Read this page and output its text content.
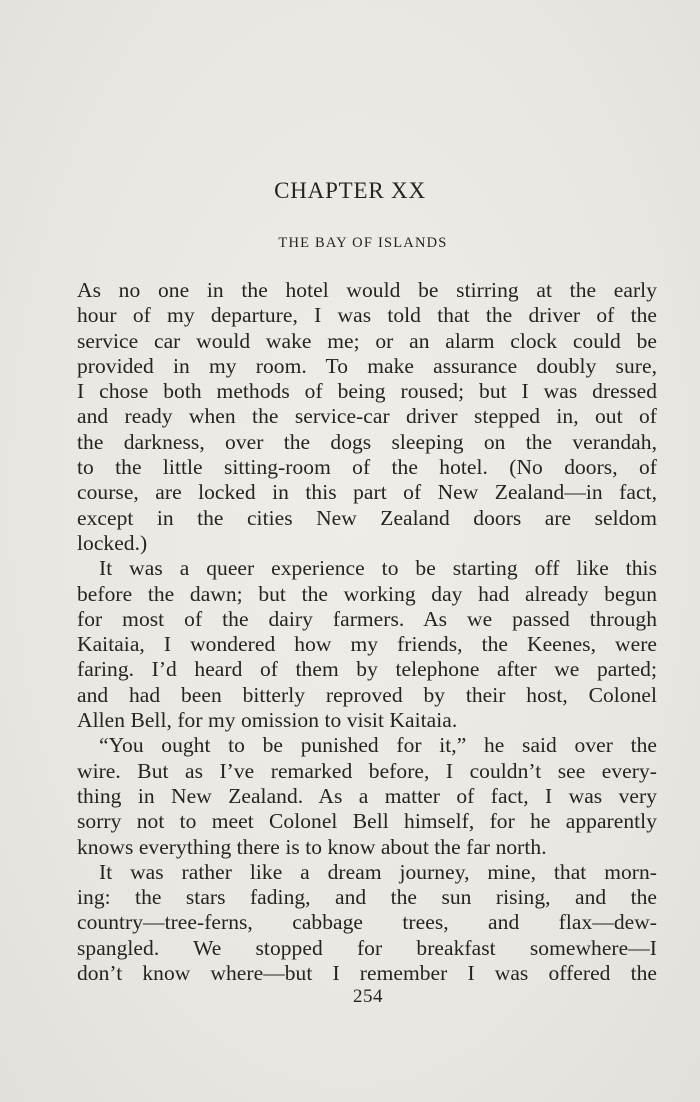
CHAPTER XX
THE BAY OF ISLANDS
As no one in the hotel would be stirring at the early
hour of my departure, I was told that the driver of the
service car would wake me; or an alarm clock could be
provided in my room. To make assurance doubly sure,
I chose both methods of being roused; but I was dressed
and ready when the service-car driver stepped in, out of
the darkness, over the dogs sleeping on the verandah,
to the little sitting-room of the hotel. (No doors, of
course, are locked in this part of New Zealand—in fact,
except in the cities New Zealand doors are seldom
locked.)
It was a queer experience to be starting off like this
before the dawn; but the working day had already begun
for most of the dairy farmers. As we passed through
Kaitaia, I wondered how my friends, the Keenes, were
faring. I’d heard of them by telephone after we parted;
and had been bitterly reproved by their host, Colonel
Allen Bell, for my omission to visit Kaitaia.
“You ought to be punished for it,” he said over the
wire. But as I’ve remarked before, I couldn’t see every-
thing in New Zealand. As a matter of fact, I was very
sorry not to meet Colonel Bell himself, for he apparently
knows everything there is to know about the far north.
It was rather like a dream journey, mine, that morn-
ing: the stars fading, and the sun rising, and the
country—tree-ferns, cabbage trees, and flax—dew-
spangled. We stopped for breakfast somewhere—I
don’t know where—but I remember I was offered the
254
